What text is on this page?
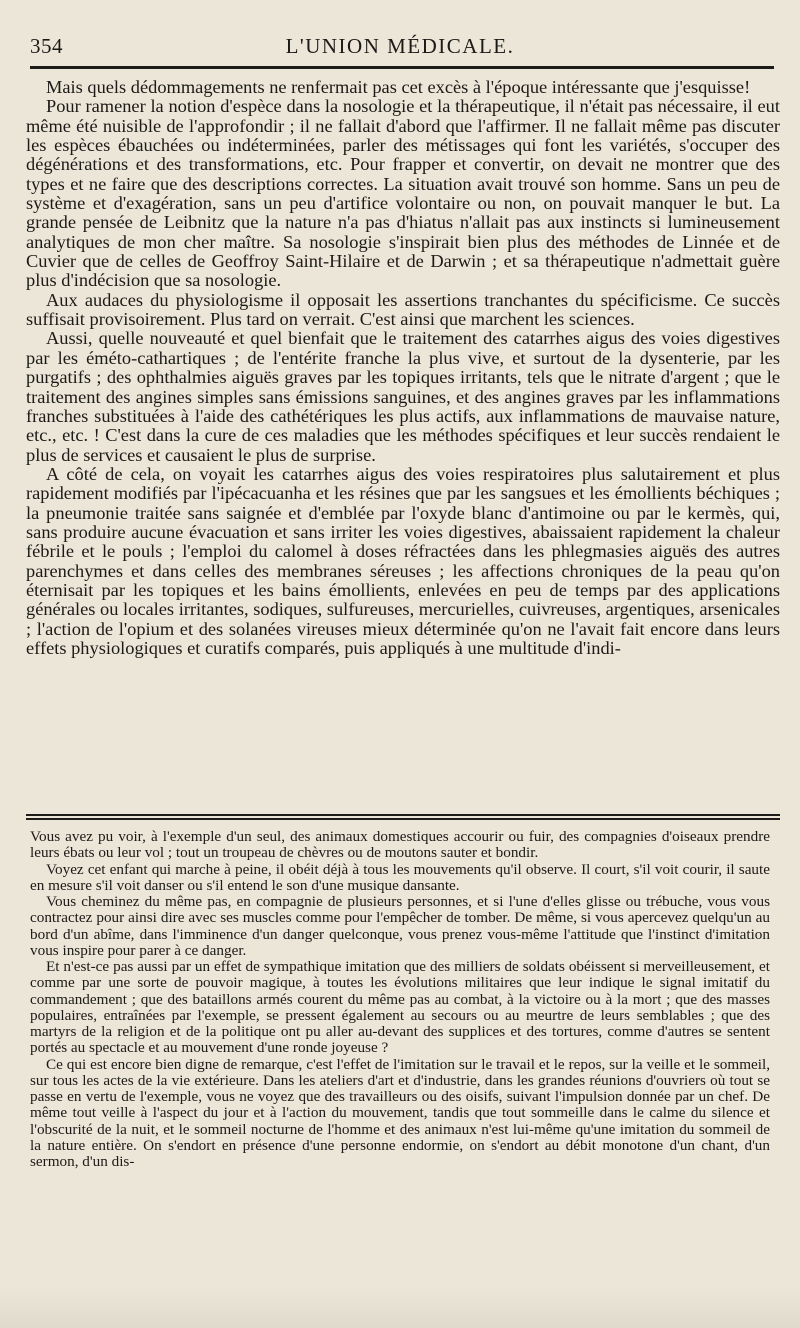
354	L'UNION MÉDICALE.

Mais quels dédommagements ne renfermait pas cet excès à l'époque intéressante que j'esquisse!

Pour ramener la notion d'espèce dans la nosologie et la thérapeutique, il n'était pas nécessaire, il eut même été nuisible de l'approfondir ; il ne fallait d'abord que l'affirmer. Il ne fallait même pas discuter les espèces ébauchées ou indéterminées, parler des métissages qui font les variétés, s'occuper des dégénérations et des transformations, etc. Pour frapper et convertir, on devait ne montrer que des types et ne faire que des descriptions correctes. La situation avait trouvé son homme. Sans un peu de système et d'exagération, sans un peu d'artifice volontaire ou non, on pouvait manquer le but. La grande pensée de Leibnitz que la nature n'a pas d'hiatus n'allait pas aux instincts si lumineusement analytiques de mon cher maître. Sa nosologie s'inspirait bien plus des méthodes de Linnée et de Cuvier que de celles de Geoffroy Saint-Hilaire et de Darwin ; et sa thérapeutique n'admettait guère plus d'indécision que sa nosologie.

Aux audaces du physiologisme il opposait les assertions tranchantes du spécificisme. Ce succès suffisait provisoirement. Plus tard on verrait. C'est ainsi que marchent les sciences.

Aussi, quelle nouveauté et quel bienfait que le traitement des catarrhes aigus des voies digestives par les éméto-cathartiques ; de l'entérite franche la plus vive, et surtout de la dysenterie, par les purgatifs ; des ophthalmies aiguës graves par les topiques irritants, tels que le nitrate d'argent ; que le traitement des angines simples sans émissions sanguines, et des angines graves par les inflammations franches substituées à l'aide des cathétériques les plus actifs, aux inflammations de mauvaise nature, etc., etc. ! C'est dans la cure de ces maladies que les méthodes spécifiques et leur succès rendaient le plus de services et causaient le plus de surprise.

A côté de cela, on voyait les catarrhes aigus des voies respiratoires plus salutairement et plus rapidement modifiés par l'ipécacuanha et les résines que par les sangsues et les émollients béchiques ; la pneumonie traitée sans saignée et d'emblée par l'oxyde blanc d'antimoine ou par le kermès, qui, sans produire aucune évacuation et sans irriter les voies digestives, abaissaient rapidement la chaleur fébrile et le pouls ; l'emploi du calomel à doses réfractées dans les phlegmasies aiguës des autres parenchymes et dans celles des membranes séreuses ; les affections chroniques de la peau qu'on éternisait par les topiques et les bains émollients, enlevées en peu de temps par des applications générales ou locales irritantes, sodiques, sulfureuses, mercurielles, cuivreuses, argentiques, arsenicales ; l'action de l'opium et des solanées vireuses mieux déterminée qu'on ne l'avait fait encore dans leurs effets physiologiques et curatifs comparés, puis appliqués à une multitude d'indi-

Vous avez pu voir, à l'exemple d'un seul, des animaux domestiques accourir ou fuir, des compagnies d'oiseaux prendre leurs ébats ou leur vol ; tout un troupeau de chèvres ou de moutons sauter et bondir.

Voyez cet enfant qui marche à peine, il obéit déjà à tous les mouvements qu'il observe. Il court, s'il voit courir, il saute en mesure s'il voit danser ou s'il entend le son d'une musique dansante.

Vous cheminez du même pas, en compagnie de plusieurs personnes, et si l'une d'elles glisse ou trébuche, vous vous contractez pour ainsi dire avec ses muscles comme pour l'empêcher de tomber. De même, si vous apercevez quelqu'un au bord d'un abîme, dans l'imminence d'un danger quelconque, vous prenez vous-même l'attitude que l'instinct d'imitation vous inspire pour parer à ce danger.

Et n'est-ce pas aussi par un effet de sympathique imitation que des milliers de soldats obéissent si merveilleusement, et comme par une sorte de pouvoir magique, à toutes les évolutions militaires que leur indique le signal imitatif du commandement ; que des bataillons armés courent du même pas au combat, à la victoire ou à la mort ; que des masses populaires, entraînées par l'exemple, se pressent également au secours ou au meurtre de leurs semblables ; que des martyrs de la religion et de la politique ont pu aller au-devant des supplices et des tortures, comme d'autres se sentent portés au spectacle et au mouvement d'une ronde joyeuse ?

Ce qui est encore bien digne de remarque, c'est l'effet de l'imitation sur le travail et le repos, sur la veille et le sommeil, sur tous les actes de la vie extérieure. Dans les ateliers d'art et d'industrie, dans les grandes réunions d'ouvriers où tout se passe en vertu de l'exemple, vous ne voyez que des travailleurs ou des oisifs, suivant l'impulsion donnée par un chef. De même tout veille à l'aspect du jour et à l'action du mouvement, tandis que tout sommeille dans le calme du silence et l'obscurité de la nuit, et le sommeil nocturne de l'homme et des animaux n'est lui-même qu'une imitation du sommeil de la nature entière. On s'endort en présence d'une personne endormie, on s'endort au débit monotone d'un chant, d'un sermon, d'un dis-
